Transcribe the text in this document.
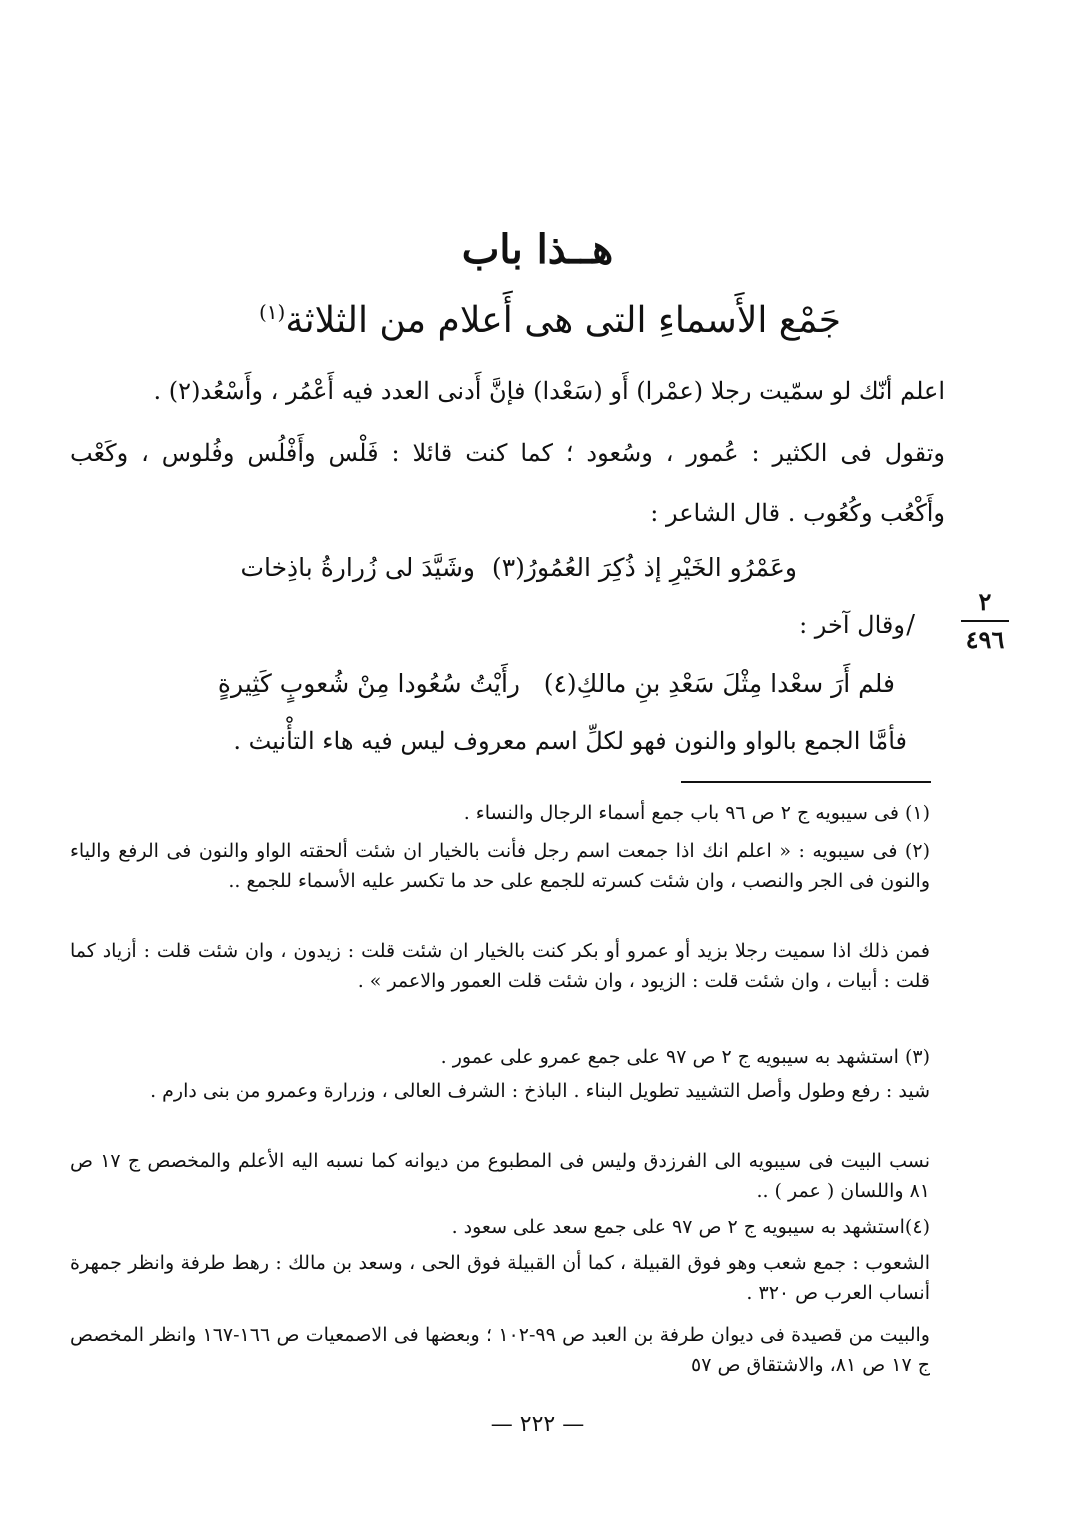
هــذا باب
جَمْع الأَسماءِ التى هى أَعلام من الثلاثة$^{(١)}$
اعلم أنّك لو سمّيت رجلا (عمْرا) أَو (سَعْدا) فإنَّ أَدنى العدد فيه أَعْمُر ، وأَسْعُد(٢) .
وتقول فى الكثير : عُمور ، وسُعود ؛ كما كنت قائلا : فَلْس وأَفْلُس وفُلوس ، وكَعْب
وأَكْعُب وكُعُوب . قال الشاعر :
وعَمْرُو الخَيْرِ إذ ذُكِرَ العُمُورُ(٣)
وشَيَّدَ لى زُرارةُ باذِخات
وقال آخر : /
٢
٤٩٦
فلم أَرَ سعْدا مِثْلَ سَعْدِ بنِ مالكِ(٤)
رأَيْتُ سُعُودا مِنْ شُعوبٍ كَثِيرةٍ
فأمَّا الجمع بالواو والنون فهو لكلِّ اسم معروف ليس فيه هاء التأْنيث .
(١) فى سيبويه ج ٢ ص ٩٦ باب جمع أسماء الرجال والنساء .
(٢) فى سيبويه : « اعلم انك اذا جمعت اسم رجل فأنت بالخيار ان شئت ألحقته الواو والنون فى الرفع والياء والنون فى الجر والنصب ، وان شئت كسرته للجمع على حد ما تكسر عليه الأسماء للجمع ..
فمن ذلك اذا سميت رجلا بزيد أو عمرو أو بكر كنت بالخيار ان شئت قلت : زيدون ، وان شئت قلت : أزياد كما قلت : أبيات ، وان شئت قلت : الزيود ، وان شئت قلت العمور والاعمر » .
(٣) استشهد به سيبويه ج ٢ ص ٩٧ على جمع عمرو على عمور .
شيد : رفع وطول وأصل التشييد تطويل البناء . الباذخ : الشرف العالى ، وزرارة وعمرو من بنى دارم .
نسب البيت فى سيبويه الى الفرزدق وليس فى المطبوع من ديوانه كما نسبه اليه الأعلم والمخصص ج ١٧ ص ٨١ واللسان ( عمر ) ..
(٤)استشهد به سيبويه ج ٢ ص ٩٧ على جمع سعد على سعود .
الشعوب : جمع شعب وهو فوق القبيلة ، كما أن القبيلة فوق الحى ، وسعد بن مالك : رهط طرفة وانظر جمهرة أنساب العرب ص ٣٢٠ .
والبيت من قصيدة فى ديوان طرفة بن العبد ص ٩٩-١٠٢ ؛ وبعضها فى الاصمعيات ص ١٦٦-١٦٧ وانظر المخصص ج ١٧ ص ٨١، والاشتقاق ص ٥٧
— ٢٢٢ —
